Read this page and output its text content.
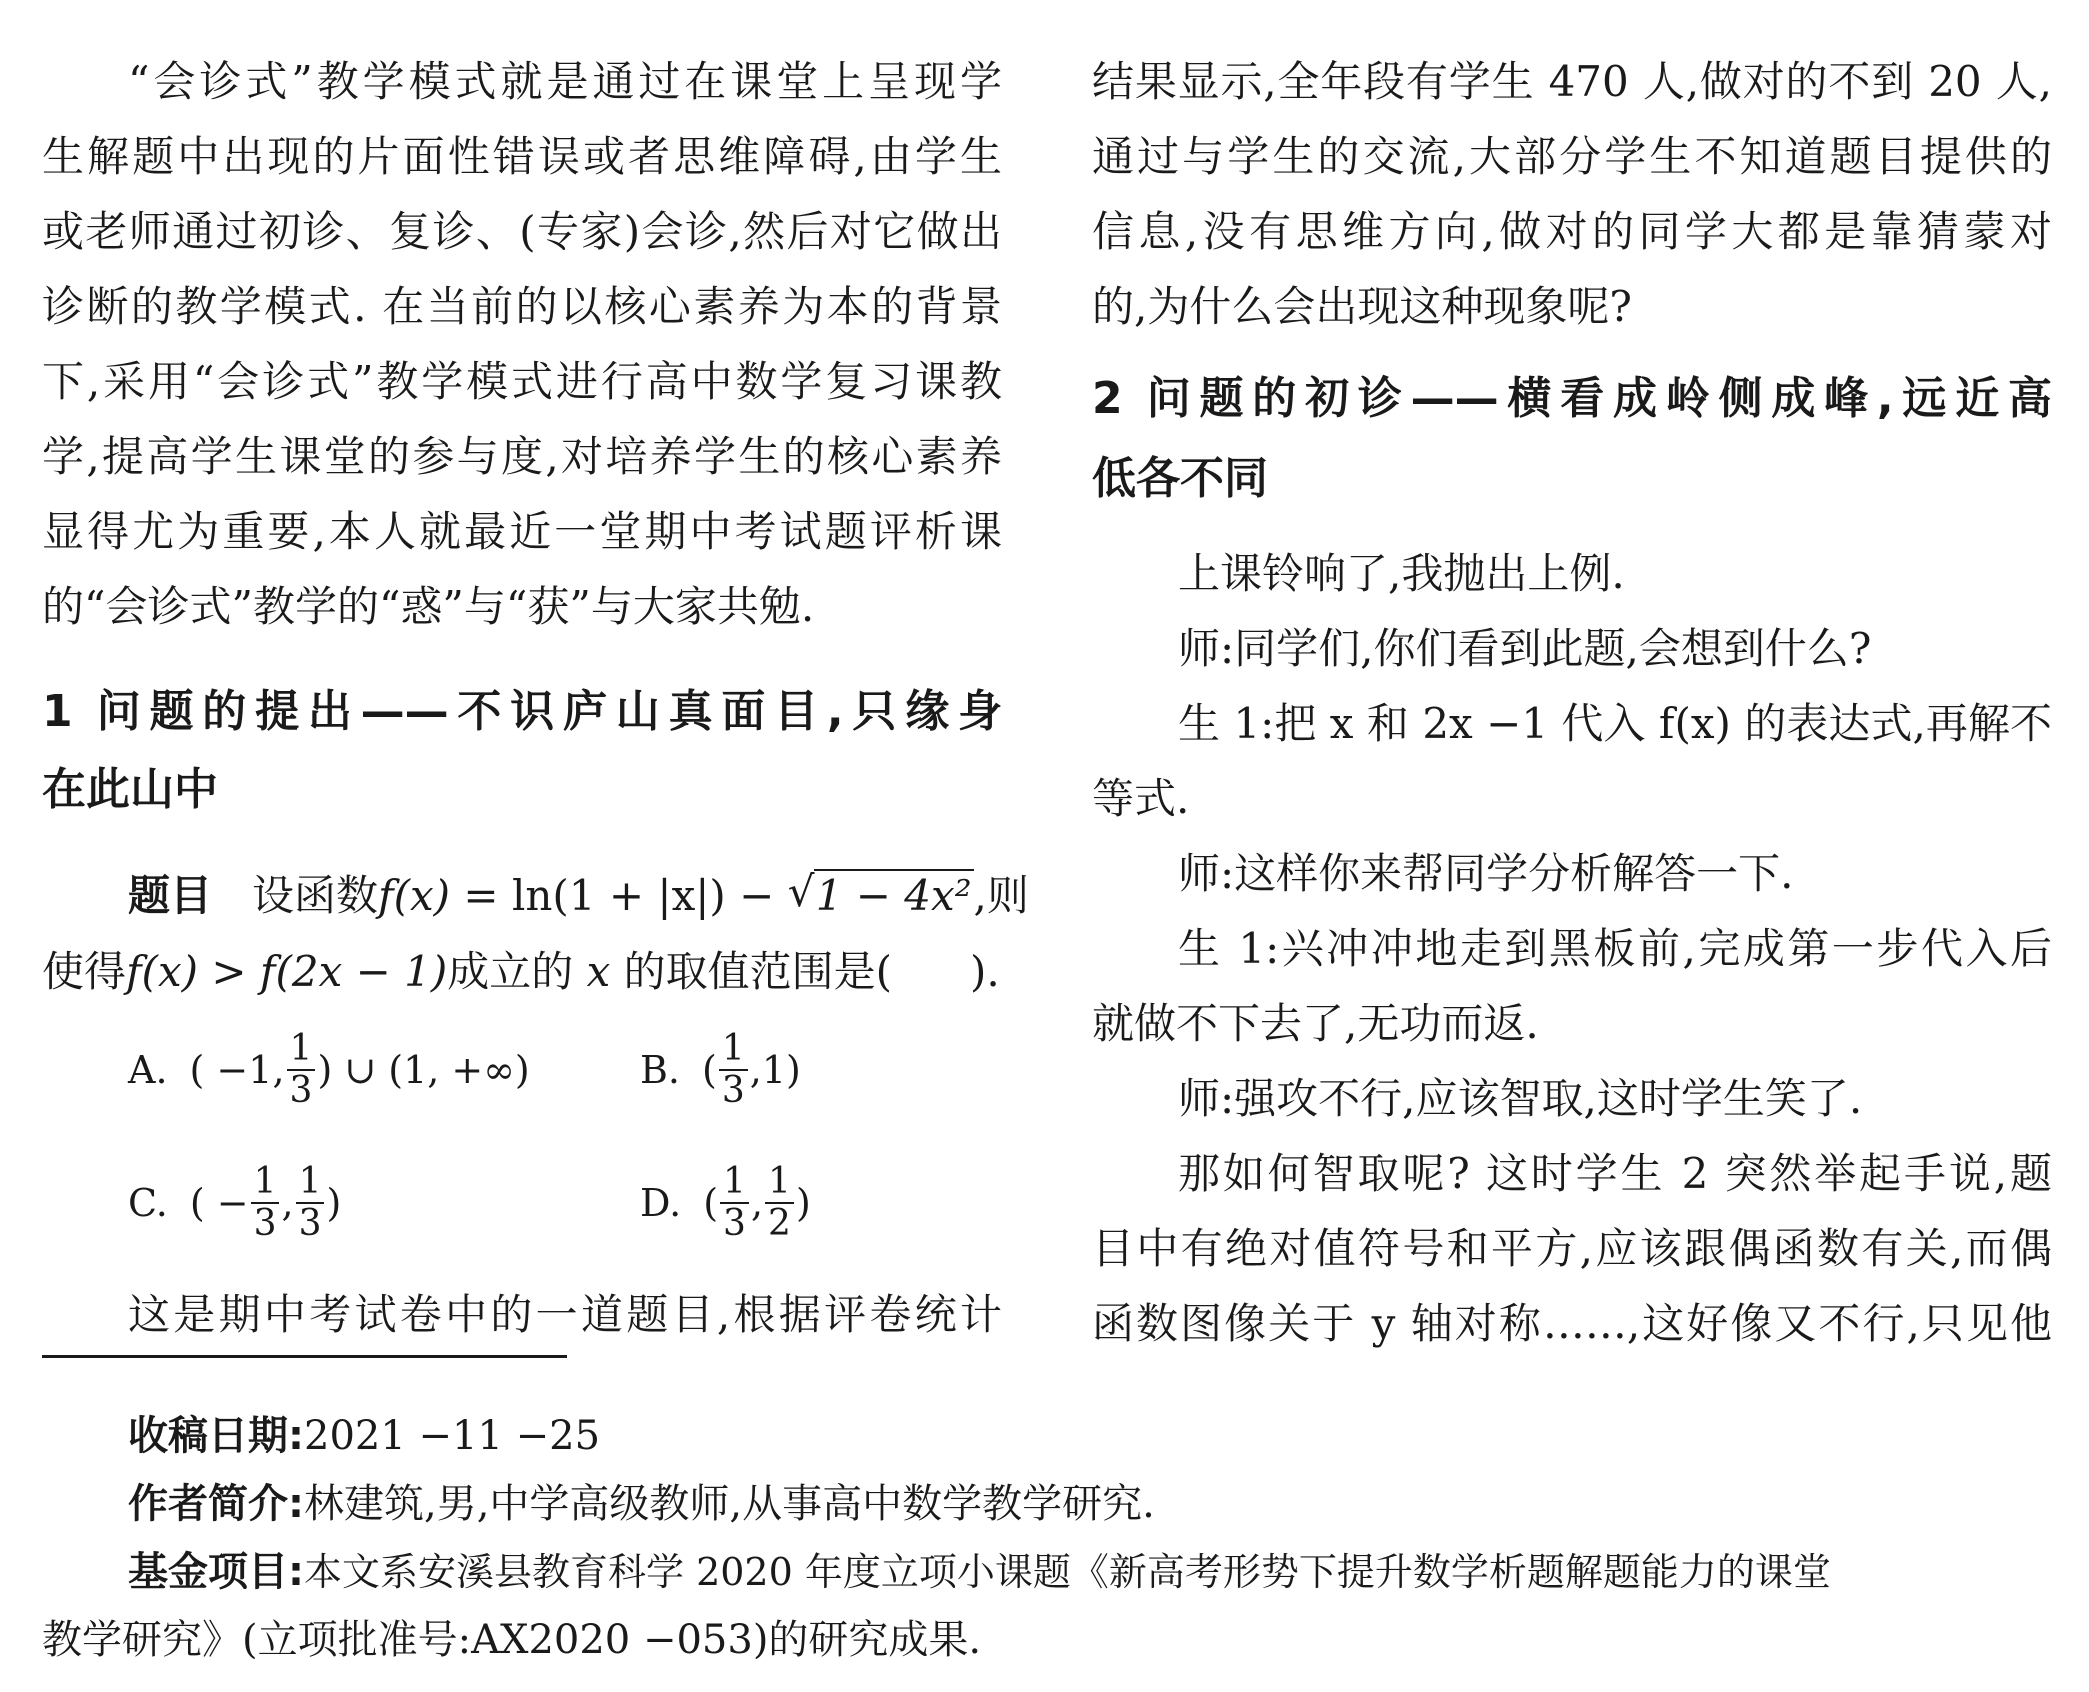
“会诊式”教学模式就是通过在课堂上呈现学
生解题中出现的片面性错误或者思维障碍,由学生
或老师通过初诊、复诊、(专家)会诊,然后对它做出
诊断的教学模式. 在当前的以核心素养为本的背景
下,采用“会诊式”教学模式进行高中数学复习课教
学,提高学生课堂的参与度,对培养学生的核心素养
显得尤为重要,本人就最近一堂期中考试题评析课
的“会诊式”教学的“惑”与“获”与大家共勉.
1 问题的提出——不识庐山真面目,只缘身
在此山中
题目 设函数f(x) = ln(1 + |x|) − √ 1 − 4x²,则
使得f(x) > f(2x − 1)成立的 x 的取值范围是( ).
A. ( −1, $\frac{1}{3}$ ) ∪ (1, +∞)	B. ( $\frac{1}{3} ,1$)
C. ( − $\frac{1}{3}$ , $\frac{1}{3}$ )	D. ( $\frac{1}{3}$ , $\frac{1}{2}$ )
这是期中考试卷中的一道题目,根据评卷统计
结果显示,全年段有学生 470 人,做对的不到 20 人,
通过与学生的交流,大部分学生不知道题目提供的
信息,没有思维方向,做对的同学大都是靠猜蒙对
的,为什么会出现这种现象呢?
2 问题的初诊——横看成岭侧成峰,远近高
低各不同
上课铃响了,我抛出上例.
师:同学们,你们看到此题,会想到什么?
生 1:把 x 和 2x −1 代入 f(x) 的表达式,再解不
等式.
师:这样你来帮同学分析解答一下.
生 1:兴冲冲地走到黑板前,完成第一步代入后
就做不下去了,无功而返.
师:强攻不行,应该智取,这时学生笑了.
那如何智取呢? 这时学生 2 突然举起手说,题
目中有绝对值符号和平方,应该跟偶函数有关,而偶
函数图像关于 y 轴对称……,这好像又不行,只见他
收稿日期:2021 −11 −25
作者简介:林建筑,男,中学高级教师,从事高中数学教学研究.
基金项目:本文系安溪县教育科学 2020 年度立项小课题《新高考形势下提升数学析题解题能力的课堂
教学研究》(立项批准号:AX2020 −053)的研究成果.
